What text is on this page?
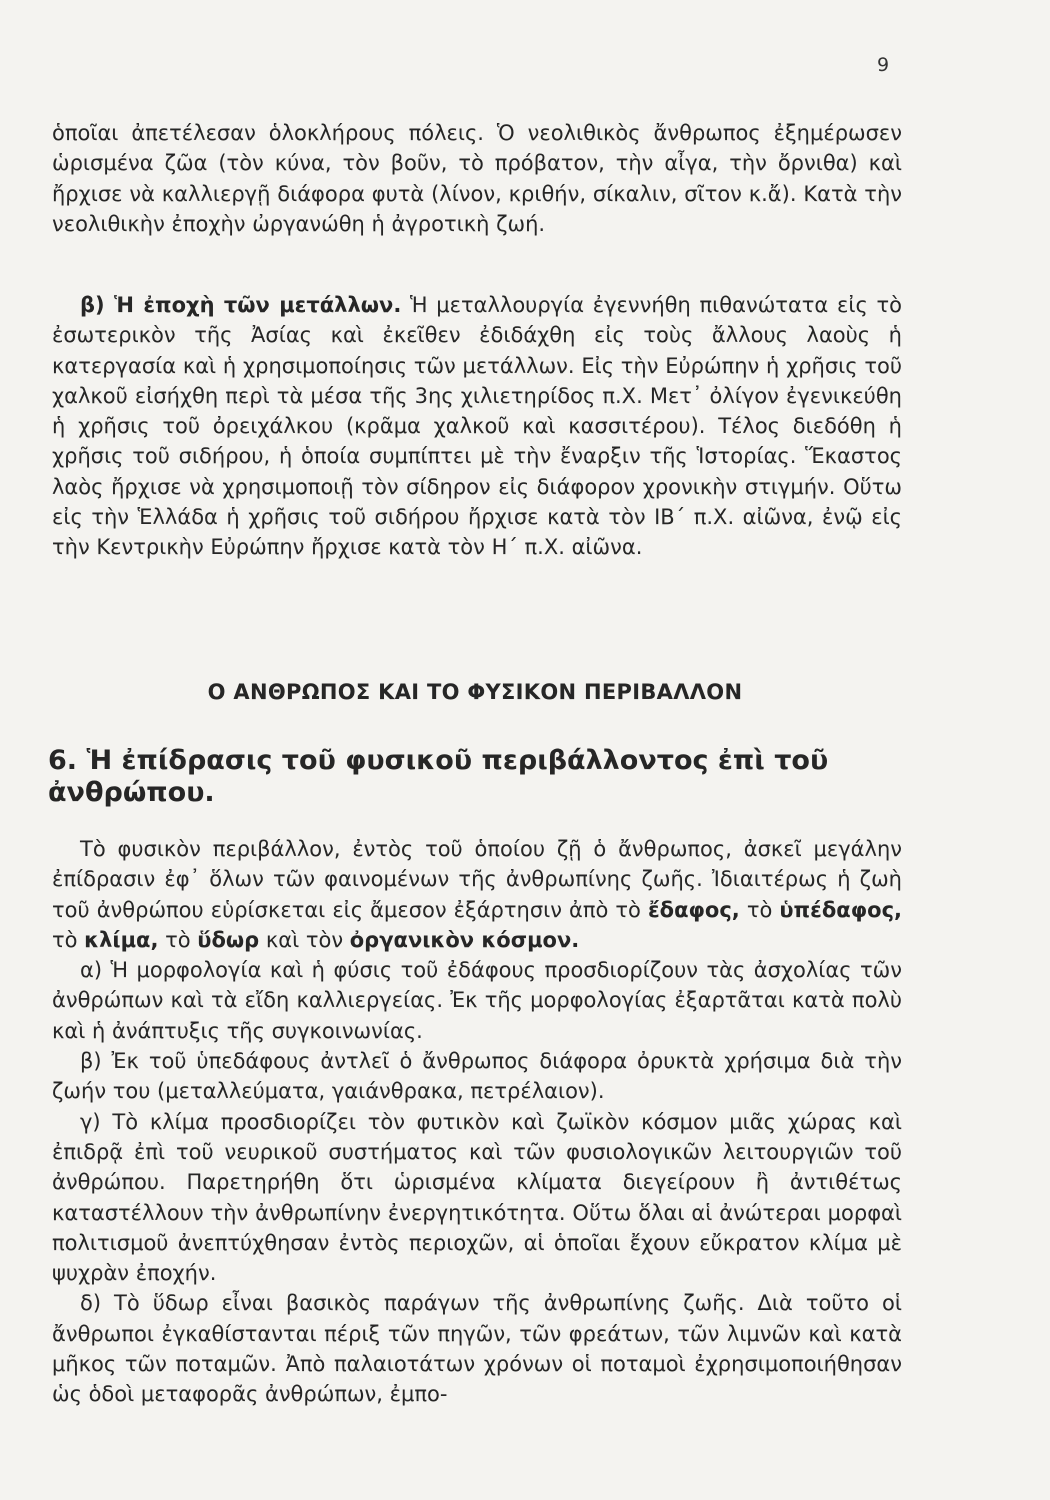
9

ὁποῖαι ἀπετέλεσαν ὁλοκλήρους πόλεις. Ὁ νεολιθικὸς ἄνθρωπος ἐξημέρωσεν ὡρισμένα ζῶα (τὸν κύνα, τὸν βοῦν, τὸ πρόβατον, τὴν αἶγα, τὴν ὄρνιθα) καὶ ἤρχισε νὰ καλλιεργῇ διάφορα φυτὰ (λίνον, κριθήν, σίκαλιν, σῖτον κ.ἄ). Κατὰ τὴν νεολιθικὴν ἐποχὴν ὠργανώθη ἡ ἀγροτικὴ ζωή.

β) Ἡ ἐποχὴ τῶν μετάλλων. Ἡ μεταλλουργία ἐγεννήθη πιθανώτατα εἰς τὸ ἐσωτερικὸν τῆς Ἀσίας καὶ ἐκεῖθεν ἐδιδάχθη εἰς τοὺς ἄλλους λαοὺς ἡ κατεργασία καὶ ἡ χρησιμοποίησις τῶν μετάλλων. Εἰς τὴν Εὐρώπην ἡ χρῆσις τοῦ χαλκοῦ εἰσήχθη περὶ τὰ μέσα τῆς 3ης χιλιετηρίδος π.Χ. Μετ᾿ ὀλίγον ἐγενικεύθη ἡ χρῆσις τοῦ ὀρειχάλκου (κρᾶμα χαλκοῦ καὶ κασσιτέρου). Τέλος διεδόθη ἡ χρῆσις τοῦ σιδήρου, ἡ ὁποία συμπίπτει μὲ τὴν ἔναρξιν τῆς Ἱστορίας. Ἕκαστος λαὸς ἤρχισε νὰ χρησιμοποιῇ τὸν σίδηρον εἰς διάφορον χρονικὴν στιγμήν. Οὕτω εἰς τὴν Ἑλλάδα ἡ χρῆσις τοῦ σιδήρου ἤρχισε κατὰ τὸν ΙΒ΄ π.Χ. αἰῶνα, ἐνῷ εἰς τὴν Κεντρικὴν Εὐρώπην ἤρχισε κατὰ τὸν Η΄ π.Χ. αἰῶνα.

Ο ΑΝΘΡΩΠΟΣ ΚΑΙ ΤΟ ΦΥΣΙΚΟΝ ΠΕΡΙΒΑΛΛΟΝ
6. Ἡ ἐπίδρασις τοῦ φυσικοῦ περιβάλλοντος ἐπὶ τοῦ ἀνθρώπου.

Τὸ φυσικὸν περιβάλλον, ἐντὸς τοῦ ὁποίου ζῇ ὁ ἄνθρωπος, ἀσκεῖ μεγάλην ἐπίδρασιν ἐφ᾿ ὅλων τῶν φαινομένων τῆς ἀνθρωπίνης ζωῆς. Ἰδιαιτέρως ἡ ζωὴ τοῦ ἀνθρώπου εὑρίσκεται εἰς ἄμεσον ἐξάρτησιν ἀπὸ τὸ ἔδαφος, τὸ ὑπέδαφος, τὸ κλίμα, τὸ ὕδωρ καὶ τὸν ὀργανικὸν κόσμον.

α) Ἡ μορφολογία καὶ ἡ φύσις τοῦ ἐδάφους προσδιορίζουν τὰς ἀσχολίας τῶν ἀνθρώπων καὶ τὰ εἴδη καλλιεργείας. Ἐκ τῆς μορφολογίας ἐξαρτᾶται κατὰ πολὺ καὶ ἡ ἀνάπτυξις τῆς συγκοινωνίας.

β) Ἐκ τοῦ ὑπεδάφους ἀντλεῖ ὁ ἄνθρωπος διάφορα ὀρυκτὰ χρήσιμα διὰ τὴν ζωήν του (μεταλλεύματα, γαιάνθρακα, πετρέλαιον).

γ) Τὸ κλίμα προσδιορίζει τὸν φυτικὸν καὶ ζωϊκὸν κόσμον μιᾶς χώρας καὶ ἐπιδρᾷ ἐπὶ τοῦ νευρικοῦ συστήματος καὶ τῶν φυσιολογικῶν λειτουργιῶν τοῦ ἀνθρώπου. Παρετηρήθη ὅτι ὡρισμένα κλίματα διεγείρουν ἢ ἀντιθέτως καταστέλλουν τὴν ἀνθρωπίνην ἐνεργητικότητα. Οὕτω ὅλαι αἱ ἀνώτεραι μορφαὶ πολιτισμοῦ ἀνεπτύχθησαν ἐντὸς περιοχῶν, αἱ ὁποῖαι ἔχουν εὔκρατον κλίμα μὲ ψυχρὰν ἐποχήν.

δ) Τὸ ὕδωρ εἶναι βασικὸς παράγων τῆς ἀνθρωπίνης ζωῆς. Διὰ τοῦτο οἱ ἄνθρωποι ἐγκαθίστανται πέριξ τῶν πηγῶν, τῶν φρεάτων, τῶν λιμνῶν καὶ κατὰ μῆκος τῶν ποταμῶν. Ἀπὸ παλαιοτάτων χρόνων οἱ ποταμοὶ ἐχρησιμοποιήθησαν ὡς ὁδοὶ μεταφορᾶς ἀνθρώπων, ἐμπο-
